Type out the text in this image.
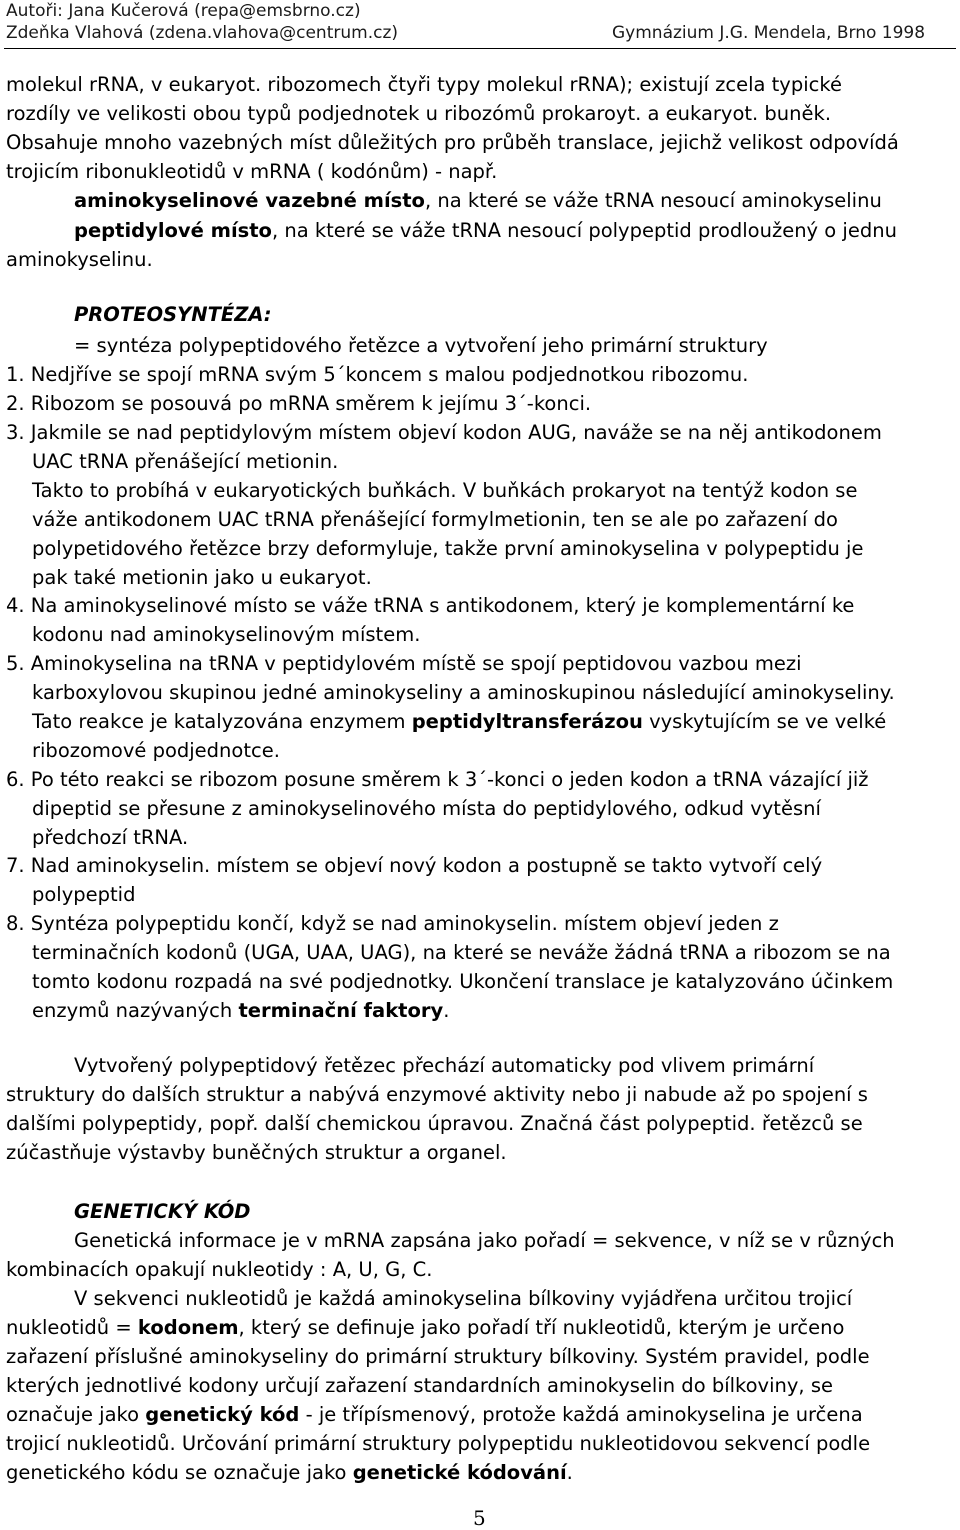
Autoři: Jana Kučerová (repa@emsbrno.cz)
Zdeňka Vlahová (zdena.vlahova@centrum.cz)	Gymnázium J.G. Mendela, Brno 1998
molekul rRNA, v eukaryot. ribozomech čtyři typy molekul rRNA); existují zcela typické
rozdíly ve velikosti obou typů podjednotek u ribozómů prokaroyt. a eukaryot. buněk.
Obsahuje mnoho vazebných míst důležitých pro průběh translace, jejichž velikost odpovídá
trojicím ribonukleotidů v mRNA ( kodónům) - např.
aminokyselinové vazebné místo, na které se váže tRNA nesoucí aminokyselinu
peptidylové místo, na které se váže tRNA nesoucí polypeptid prodloužený o jednu
aminokyselinu.
PROTEOSYNTÉZA:
= syntéza polypeptidového řetězce a vytvoření jeho primární struktury
1. Nedjříve se spojí mRNA svým 5´koncem s malou podjednotkou ribozomu.
2. Ribozom se posouvá po mRNA směrem k jejímu 3´-konci.
3. Jakmile se nad peptidylovým místem objeví kodon AUG, naváže se na něj antikodonem
UAC tRNA přenášející metionin.
Takto to probíhá v eukaryotických buňkách. V buňkách prokaryot na tentýž kodon se
váže antikodonem UAC tRNA přenášející formylmetionin, ten se ale po zařazení do
polypetidového řetězce brzy deformyluje, takže první aminokyselina v polypeptidu je
pak také metionin jako u eukaryot.
4. Na aminokyselinové místo se váže tRNA s antikodonem, který je komplementární ke
kodonu nad aminokyselinovým místem.
5. Aminokyselina na tRNA v peptidylovém místě se spojí peptidovou vazbou mezi
karboxylovou skupinou jedné aminokyseliny a aminoskupinou následující aminokyseliny.
Tato reakce je katalyzována enzymem peptidyltransferázou vyskytujícím se ve velké
ribozomové podjednotce.
6. Po této reakci se ribozom posune směrem k 3´-konci o jeden kodon a tRNA vázající již
dipeptid se přesune z aminokyselinového místa do peptidylového, odkud vytěsní
předchozí tRNA.
7. Nad aminokyselin. místem se objeví nový kodon a postupně se takto vytvoří celý
polypeptid
8. Syntéza polypeptidu končí, když se nad aminokyselin. místem objeví jeden z
terminačních kodonů (UGA, UAA, UAG), na které se neváže žádná tRNA a ribozom se na
tomto kodonu rozpadá na své podjednotky. Ukončení translace je katalyzováno účinkem
enzymů nazývaných terminační faktory.
Vytvořený polypeptidový řetězec přechází automaticky pod vlivem primární
struktury do dalších struktur a nabývá enzymové aktivity nebo ji nabude až po spojení s
dalšími polypeptidy, popř. další chemickou úpravou. Značná část polypeptid. řetězců se
zúčastňuje výstavby buněčných struktur a organel.
GENETICKÝ KÓD
Genetická informace je v mRNA zapsána jako pořadí = sekvence, v níž se v různých
kombinacích opakují nukleotidy : A, U, G, C.
V sekvenci nukleotidů je každá aminokyselina bílkoviny vyjádřena určitou trojicí
nukleotidů = kodonem, který se definuje jako pořadí tří nukleotidů, kterým je určeno
zařazení příslušné aminokyseliny do primární struktury bílkoviny. Systém pravidel, podle
kterých jednotlivé kodony určují zařazení standardních aminokyselin do bílkoviny, se
označuje jako genetický kód - je třípísmenový, protože každá aminokyselina je určena
trojicí nukleotidů. Určování primární struktury polypeptidu nukleotidovou sekvencí podle
genetického kódu se označuje jako genetické kódování.
5
